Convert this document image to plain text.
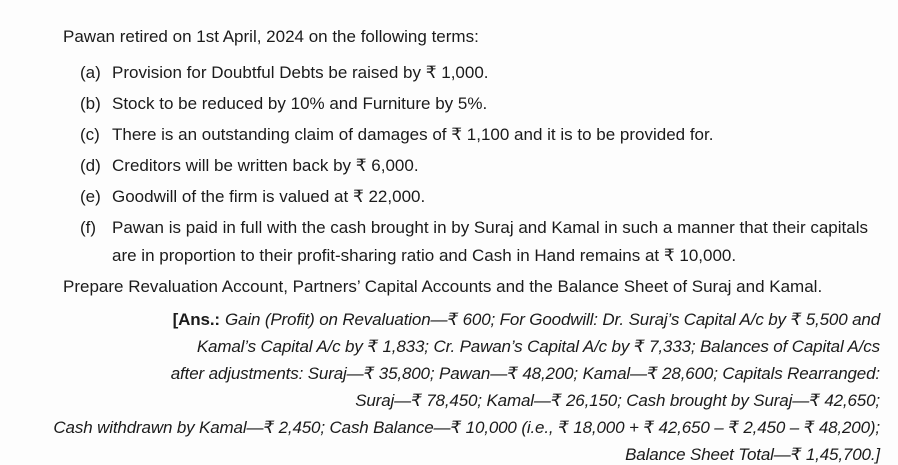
Pawan retired on 1st April, 2024 on the following terms:

(a) Provision for Doubtful Debts be raised by ₹ 1,000.
(b) Stock to be reduced by 10% and Furniture by 5%.
(c) There is an outstanding claim of damages of ₹ 1,100 and it is to be provided for.
(d) Creditors will be written back by ₹ 6,000.
(e) Goodwill of the firm is valued at ₹ 22,000.
(f) Pawan is paid in full with the cash brought in by Suraj and Kamal in such a manner that their capitals are in proportion to their profit-sharing ratio and Cash in Hand remains at ₹ 10,000.

Prepare Revaluation Account, Partners’ Capital Accounts and the Balance Sheet of Suraj and Kamal.

[Ans.: Gain (Profit) on Revaluation—₹ 600; For Goodwill: Dr. Suraj’s Capital A/c by ₹ 5,500 and
Kamal’s Capital A/c by ₹ 1,833; Cr. Pawan’s Capital A/c by ₹ 7,333; Balances of Capital A/cs
after adjustments: Suraj—₹ 35,800; Pawan—₹ 48,200; Kamal—₹ 28,600; Capitals Rearranged:
Suraj—₹ 78,450; Kamal—₹ 26,150; Cash brought by Suraj—₹ 42,650;
Cash withdrawn by Kamal—₹ 2,450; Cash Balance—₹ 10,000 (i.e., ₹ 18,000 + ₹ 42,650 – ₹ 2,450 – ₹ 48,200);
Balance Sheet Total—₹ 1,45,700.]
